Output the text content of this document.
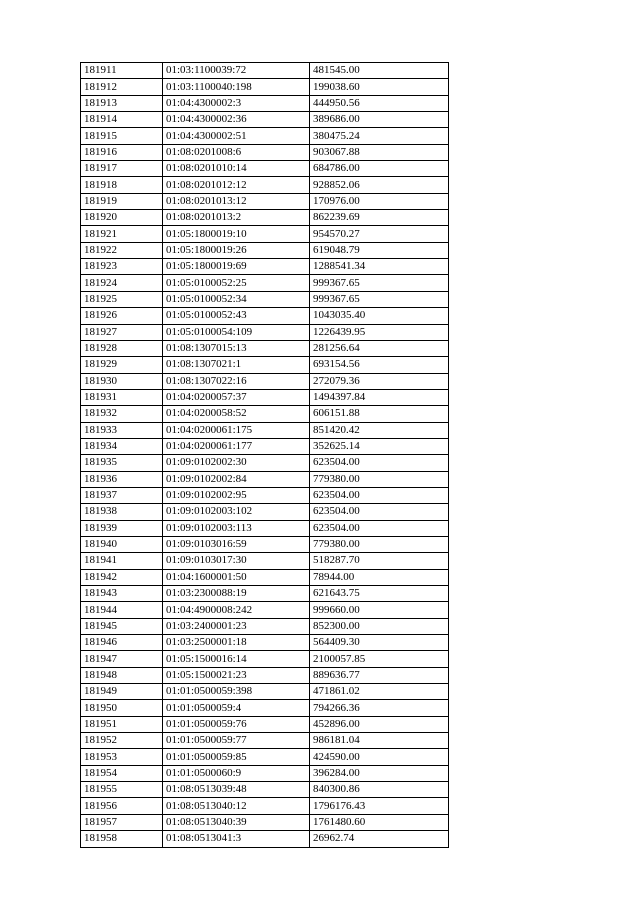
181911	01:03:1100039:72	481545.00
181912	01:03:1100040:198	199038.60
181913	01:04:4300002:3	444950.56
181914	01:04:4300002:36	389686.00
181915	01:04:4300002:51	380475.24
181916	01:08:0201008:6	903067.88
181917	01:08:0201010:14	684786.00
181918	01:08:0201012:12	928852.06
181919	01:08:0201013:12	170976.00
181920	01:08:0201013:2	862239.69
181921	01:05:1800019:10	954570.27
181922	01:05:1800019:26	619048.79
181923	01:05:1800019:69	1288541.34
181924	01:05:0100052:25	999367.65
181925	01:05:0100052:34	999367.65
181926	01:05:0100052:43	1043035.40
181927	01:05:0100054:109	1226439.95
181928	01:08:1307015:13	281256.64
181929	01:08:1307021:1	693154.56
181930	01:08:1307022:16	272079.36
181931	01:04:0200057:37	1494397.84
181932	01:04:0200058:52	606151.88
181933	01:04:0200061:175	851420.42
181934	01:04:0200061:177	352625.14
181935	01:09:0102002:30	623504.00
181936	01:09:0102002:84	779380.00
181937	01:09:0102002:95	623504.00
181938	01:09:0102003:102	623504.00
181939	01:09:0102003:113	623504.00
181940	01:09:0103016:59	779380.00
181941	01:09:0103017:30	518287.70
181942	01:04:1600001:50	78944.00
181943	01:03:2300088:19	621643.75
181944	01:04:4900008:242	999660.00
181945	01:03:2400001:23	852300.00
181946	01:03:2500001:18	564409.30
181947	01:05:1500016:14	2100057.85
181948	01:05:1500021:23	889636.77
181949	01:01:0500059:398	471861.02
181950	01:01:0500059:4	794266.36
181951	01:01:0500059:76	452896.00
181952	01:01:0500059:77	986181.04
181953	01:01:0500059:85	424590.00
181954	01:01:0500060:9	396284.00
181955	01:08:0513039:48	840300.86
181956	01:08:0513040:12	1796176.43
181957	01:08:0513040:39	1761480.60
181958	01:08:0513041:3	26962.74
